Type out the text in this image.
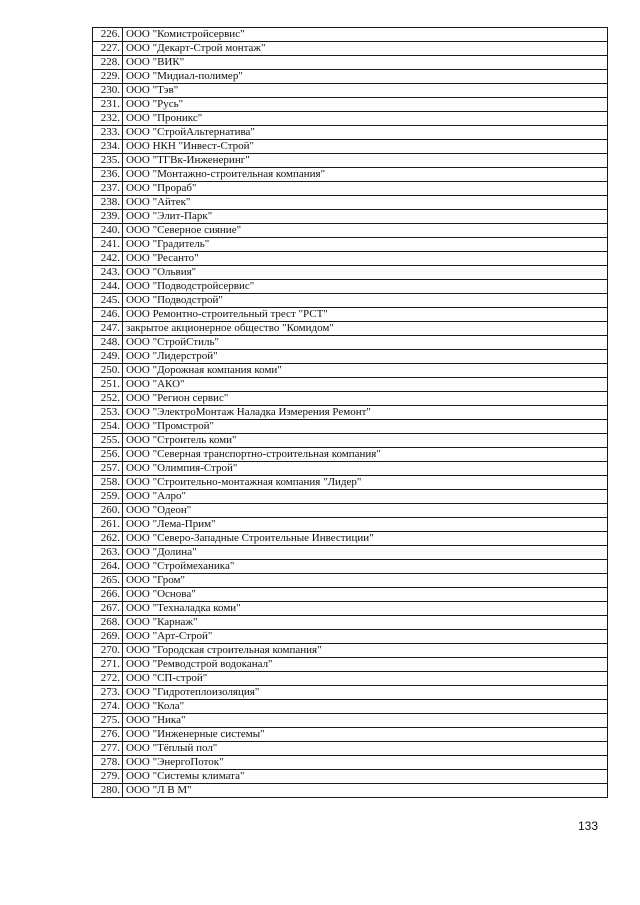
226.	ООО "Комистройсервис"
227.	ООО "Декарт-Строй монтаж"
228.	ООО "ВИК"
229.	ООО "Мидиал-полимер"
230.	ООО "Тэв"
231.	ООО "Русь"
232.	ООО "Проникс"
233.	ООО "СтройАльтернатива"
234.	ООО НКН "Инвест-Строй"
235.	ООО "ТГВк-Инженеринг"
236.	ООО "Монтажно-строительная компания"
237.	ООО "Прораб"
238.	ООО "Айтек"
239.	ООО "Элит-Парк"
240.	ООО "Северное сияние"
241.	ООО "Градитель"
242.	ООО "Ресанто"
243.	ООО "Ольвия"
244.	ООО "Подводстройсервис"
245.	ООО "Подводстрой"
246.	ООО Ремонтно-строительный трест "РСТ"
247.	закрытое акционерное общество "Комидом"
248.	ООО "СтройСтиль"
249.	ООО "Лидерстрой"
250.	ООО "Дорожная компания коми"
251.	ООО "АКО"
252.	ООО "Регион сервис"
253.	ООО "ЭлектроМонтаж Наладка Измерения Ремонт"
254.	ООО "Промстрой"
255.	ООО "Строитель коми"
256.	ООО "Северная транспортно-строительная компания"
257.	ООО "Олимпия-Строй"
258.	ООО "Строительно-монтажная компания "Лидер"
259.	ООО "Алро"
260.	ООО "Одеон"
261.	ООО "Лема-Прим"
262.	ООО "Северо-Западные Строительные Инвестиции"
263.	ООО "Долина"
264.	ООО "Строймеханика"
265.	ООО "Гром"
266.	ООО "Основа"
267.	ООО "Техналадка коми"
268.	ООО "Карнаж"
269.	ООО "Арт-Строй"
270.	ООО "Городская строительная компания"
271.	ООО "Ремводстрой водоканал"
272.	ООО "СП-строй"
273.	ООО "Гидротеплоизоляция"
274.	ООО "Кола"
275.	ООО "Ника"
276.	ООО "Инженерные системы"
277.	ООО "Тёплый пол"
278.	ООО "ЭнергоПоток"
279.	ООО "Системы климата"
280.	ООО "Л В М"
133
